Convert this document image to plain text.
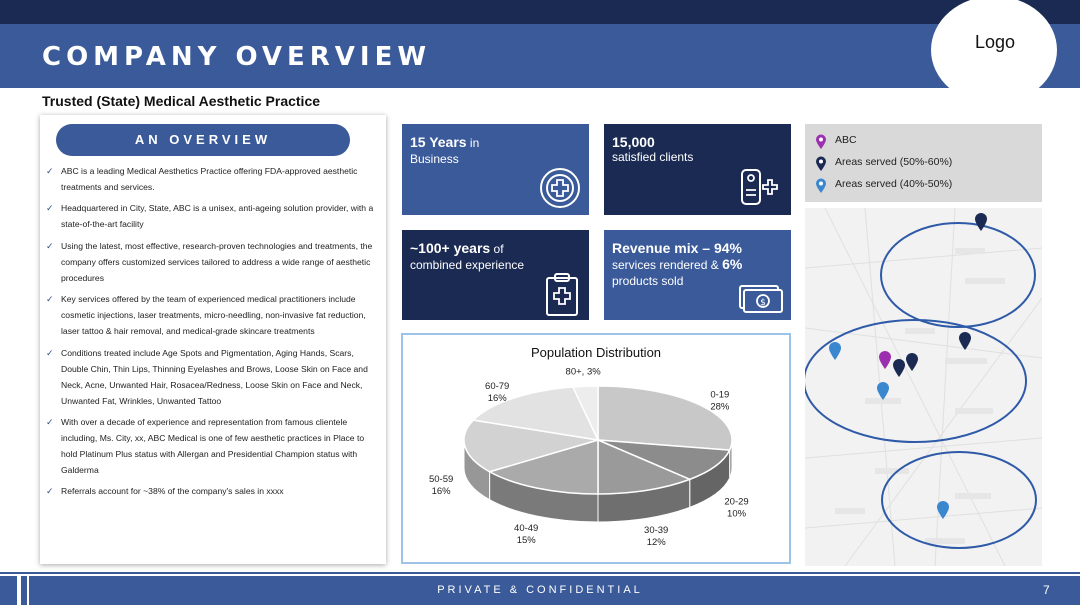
COMPANY OVERVIEW	Logo
Trusted (State) Medical Aesthetic Practice
AN OVERVIEW
✓ ABC is a leading Medical Aesthetics Practice offering FDA-approved aesthetic treatments and services.
✓ Headquartered in City, State, ABC is a unisex, anti-ageing solution provider, with a state-of-the-art facility
✓ Using the latest, most effective, research-proven technologies and treatments, the company offers customized services tailored to address a wide range of aesthetic procedures
✓ Key services offered by the team of experienced medical practitioners include cosmetic injections, laser treatments, micro-needling, non-invasive fat reduction, laser tattoo & hair removal, and medical-grade skincare treatments
✓ Conditions treated include Age Spots and Pigmentation, Aging Hands, Scars, Double Chin, Thin Lips, Thinning Eyelashes and Brows, Loose Skin on Face and Neck, Acne, Unwanted Hair, Rosacea/Redness, Loose Skin on Face and Neck, Unwanted Fat, Wrinkles, Unwanted Tattoo
✓ With over a decade of experience and representation from famous clientele including, Ms. City, xx, ABC Medical is one of few aesthetic practices in Place to hold Platinum Plus status with Allergan and Presidential Champion status with Galderma
✓ Referrals account for ~38% of the company's sales in xxxx
15 Years in
Business
15,000
satisfied clients
~100+ years of
combined experience
Revenue mix – 94%
services rendered & 6%
products sold
$
Population Distribution
0-19 28%
20-29 10%
30-39 12%
40-49 15%
50-59 16%
60-79 16%
80+, 3%
ABC
Areas served (50%-60%)
Areas served (40%-50%)
PRIVATE & CONFIDENTIAL	7
